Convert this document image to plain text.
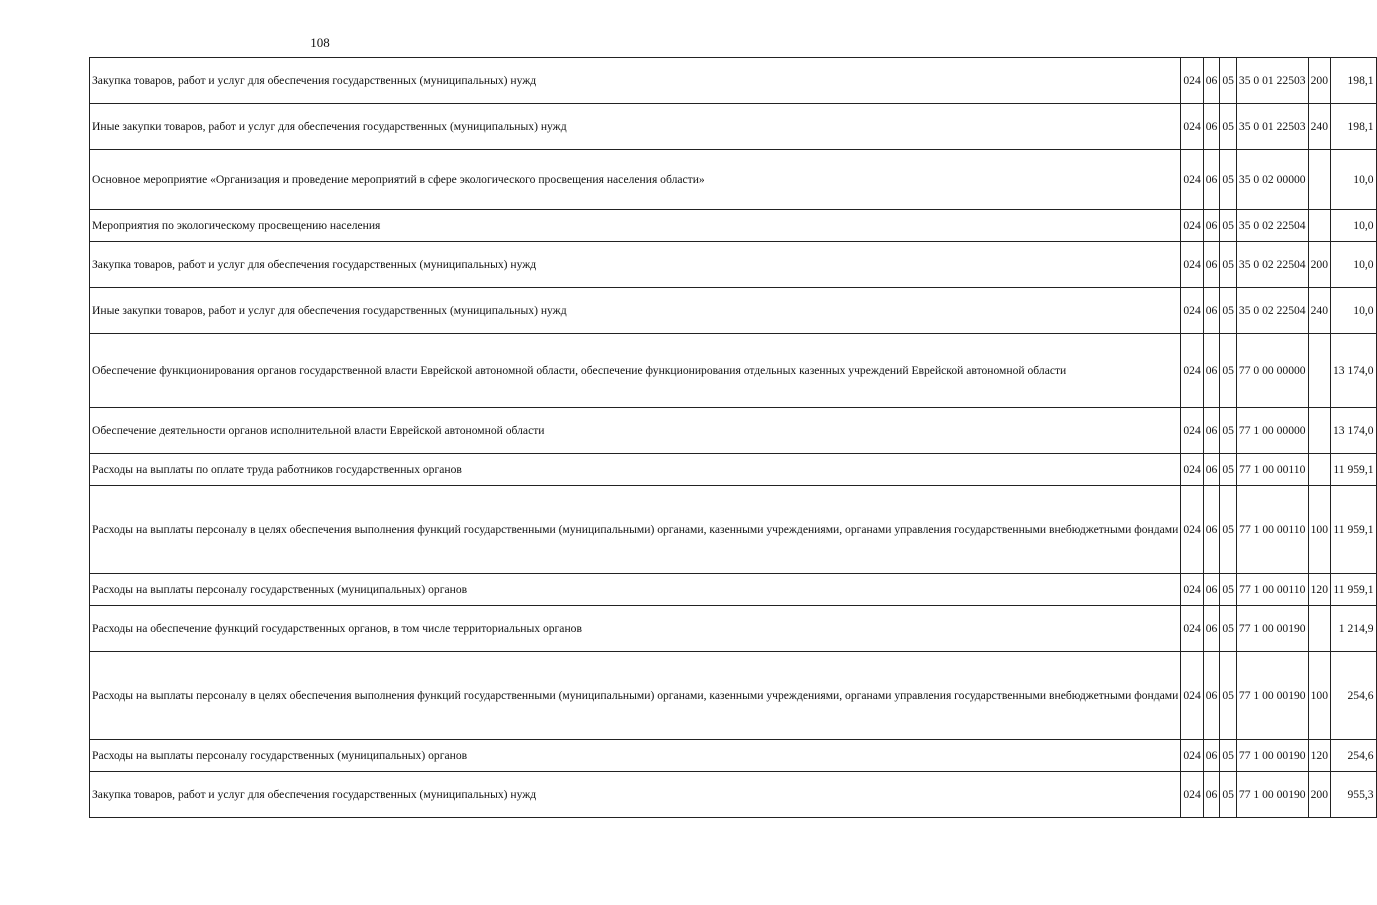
108
Закупка товаров, работ и услуг для обеспечения государственных (муниципальных) нужд	024	06	05	35 0 01 22503	200	198,1
Иные закупки товаров, работ и услуг для обеспечения государственных (муниципальных) нужд	024	06	05	35 0 01 22503	240	198,1
Основное мероприятие «Организация и проведение мероприятий в сфере экологического просвещения населения области»	024	06	05	35 0 02 00000		10,0
Мероприятия по экологическому просвещению населения	024	06	05	35 0 02 22504		10,0
Закупка товаров, работ и услуг для обеспечения государственных (муниципальных) нужд	024	06	05	35 0 02 22504	200	10,0
Иные закупки товаров, работ и услуг для обеспечения государственных (муниципальных) нужд	024	06	05	35 0 02 22504	240	10,0
Обеспечение функционирования органов государственной власти Еврейской автономной области, обеспечение функционирования отдельных казенных учреждений Еврейской автономной области	024	06	05	77 0 00 00000		13 174,0
Обеспечение деятельности органов исполнительной власти Еврейской автономной области	024	06	05	77 1 00 00000		13 174,0
Расходы на выплаты по оплате труда работников государственных органов	024	06	05	77 1 00 00110		11 959,1
Расходы на выплаты персоналу в целях обеспечения выполнения функций государственными (муниципальными) органами, казенными учреждениями, органами управления государственными внебюджетными фондами	024	06	05	77 1 00 00110	100	11 959,1
Расходы на выплаты персоналу государственных (муниципальных) органов	024	06	05	77 1 00 00110	120	11 959,1
Расходы на обеспечение функций государственных органов, в том числе территориальных органов	024	06	05	77 1 00 00190		1 214,9
Расходы на выплаты персоналу в целях обеспечения выполнения функций государственными (муниципальными) органами, казенными учреждениями, органами управления государственными внебюджетными фондами	024	06	05	77 1 00 00190	100	254,6
Расходы на выплаты персоналу государственных (муниципальных) органов	024	06	05	77 1 00 00190	120	254,6
Закупка товаров, работ и услуг для обеспечения государственных (муниципальных) нужд	024	06	05	77 1 00 00190	200	955,3
